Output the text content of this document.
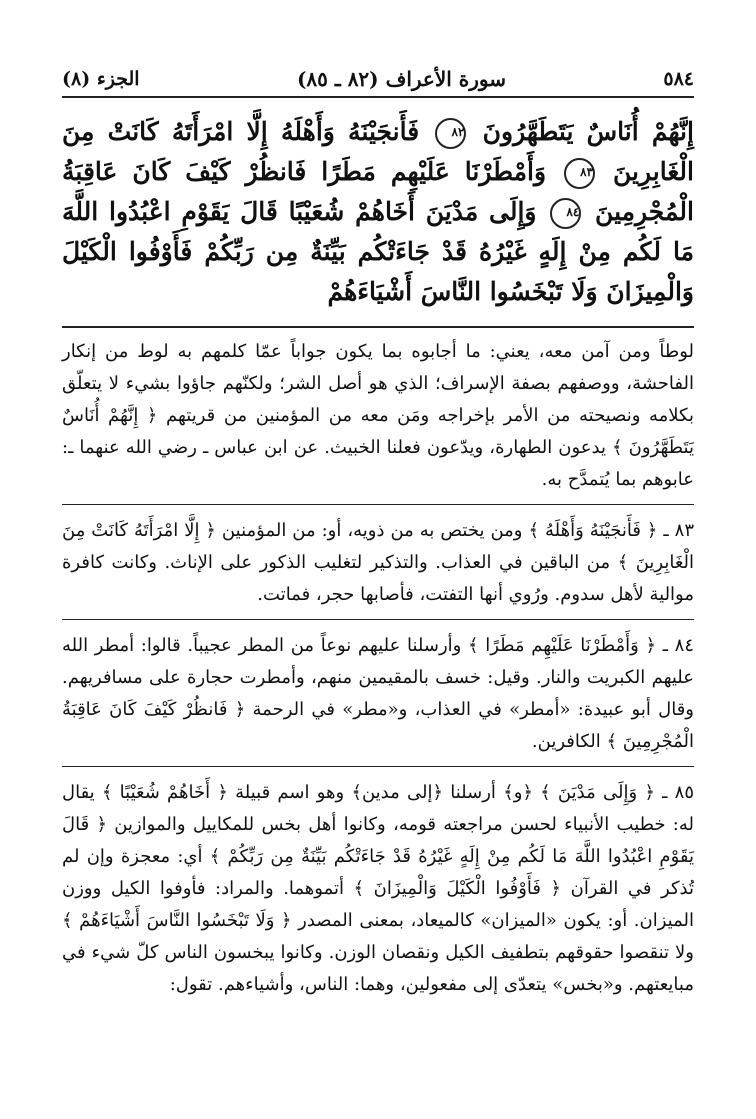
٥٨٤
سورة الأعراف (٨٢ ـ ٨٥)
الجزء (٨)
إِنَّهُمْ أُنَاسٌ يَتَطَهَّرُونَ ٨٢ فَأَنجَيْنَهُ وَأَهْلَهُ إِلَّا امْرَأَتَهُ كَانَتْ مِنَ الْغَابِرِينَ ٨٣ وَأَمْطَرْنَا عَلَيْهِم مَطَرًا فَانظُرْ كَيْفَ كَانَ عَاقِبَةُ الْمُجْرِمِينَ ٨٤ وَإِلَى مَدْيَنَ أَخَاهُمْ شُعَيْبًا قَالَ يَقَوْمِ اعْبُدُوا اللَّهَ مَا لَكُم مِنْ إِلَهٍ غَيْرُهُ قَدْ جَاءَتْكُم بَيِّنَةٌ مِن رَبِّكُمْ فَأَوْفُوا الْكَيْلَ وَالْمِيزَانَ وَلَا تَبْخَسُوا النَّاسَ أَشْيَاءَهُمْ

لوطاً ومن آمن معه، يعني: ما أجابوه بما يكون جواباً عمّا كلمهم به لوط من إنكار الفاحشة، ووصفهم بصفة الإسراف؛ الذي هو أصل الشر؛ ولكنّهم جاؤوا بشيء لا يتعلّق بكلامه ونصيحته من الأمر بإخراجه ومَن معه من المؤمنين من قريتهم ﴿ إِنَّهُمْ أُنَاسٌ يَتَطَهَّرُونَ ﴾ يدعون الطهارة، ويدّعون فعلنا الخبيث. عن ابن عباس ـ رضي الله عنهما ـ: عابوهم بما يُتمدَّح به.

٨٣ ـ ﴿ فَأَنجَيْنَهُ وَأَهْلَهُ ﴾ ومن يختص به من ذويه، أو: من المؤمنين ﴿ إِلَّا امْرَأَتَهُ كَانَتْ مِنَ الْغَابِرِينَ ﴾ من الباقين في العذاب. والتذكير لتغليب الذكور على الإناث. وكانت كافرة موالية لأهل سدوم. ورُوي أنها التفتت، فأصابها حجر، فماتت.

٨٤ ـ ﴿ وَأَمْطَرْنَا عَلَيْهِم مَطَرًا ﴾ وأرسلنا عليهم نوعاً من المطر عجيباً. قالوا: أمطر الله عليهم الكبريت والنار. وقيل: خسف بالمقيمين منهم، وأمطرت حجارة على مسافريهم. وقال أبو عبيدة: «أمطر» في العذاب، و«مطر» في الرحمة ﴿ فَانظُرْ كَيْفَ كَانَ عَاقِبَةُ الْمُجْرِمِينَ ﴾ الكافرين.

٨٥ ـ ﴿ وَإِلَى مَدْيَنَ ﴾ ﴿و﴾ أرسلنا ﴿إلى مدين﴾ وهو اسم قبيلة ﴿ أَخَاهُمْ شُعَيْبًا ﴾ يقال له: خطيب الأنبياء لحسن مراجعته قومه، وكانوا أهل بخس للمكاييل والموازين ﴿ قَالَ يَقَوْمِ اعْبُدُوا اللَّهَ مَا لَكُم مِنْ إِلَهٍ غَيْرُهُ قَدْ جَاءَتْكُم بَيِّنَةٌ مِن رَبِّكُمْ ﴾ أي: معجزة وإن لم تُذكر في القرآن ﴿ فَأَوْفُوا الْكَيْلَ وَالْمِيزَانَ ﴾ أتموهما. والمراد: فأوفوا الكيل ووزن الميزان. أو: يكون «الميزان» كالميعاد، بمعنى المصدر ﴿ وَلَا تَبْخَسُوا النَّاسَ أَشْيَاءَهُمْ ﴾ ولا تنقصوا حقوقهم بتطفيف الكيل ونقصان الوزن. وكانوا يبخسون الناس كلّ شيء في مبايعتهم. و«بخس» يتعدّى إلى مفعولين، وهما: الناس، وأشياءهم. تقول:
